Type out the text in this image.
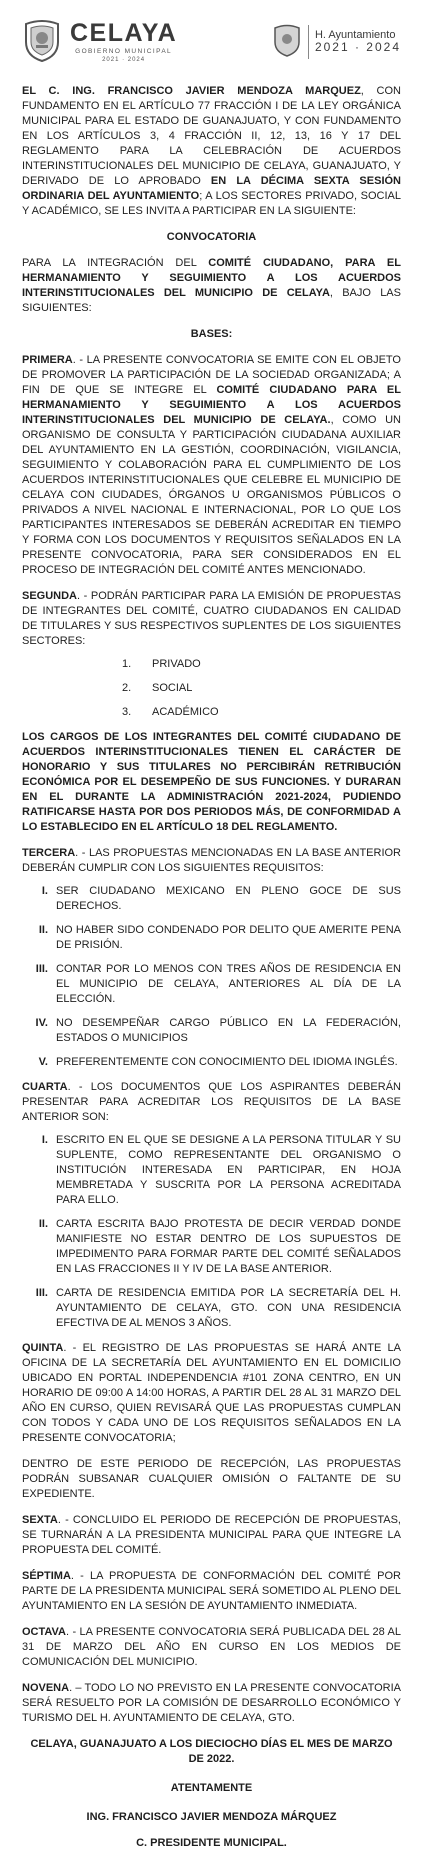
CELAYA
GOBIERNO MUNICIPAL
2021 · 2024
H. Ayuntamiento
2021 · 2024

EL C. ING. FRANCISCO JAVIER MENDOZA MARQUEZ, CON FUNDAMENTO EN EL ARTÍCULO 77 FRACCIÓN I DE LA LEY ORGÁNICA MUNICIPAL PARA EL ESTADO DE GUANAJUATO, Y CON FUNDAMENTO EN LOS ARTÍCULOS 3, 4 FRACCIÓN II, 12, 13, 16 Y 17 DEL REGLAMENTO PARA LA CELEBRACIÓN DE ACUERDOS INTERINSTITUCIONALES DEL MUNICIPIO DE CELAYA, GUANAJUATO, Y DERIVADO DE LO APROBADO EN LA DÉCIMA SEXTA SESIÓN ORDINARIA DEL AYUNTAMIENTO; A LOS SECTORES PRIVADO, SOCIAL Y ACADÉMICO, SE LES INVITA A PARTICIPAR EN LA SIGUIENTE:

CONVOCATORIA

PARA LA INTEGRACIÓN DEL COMITÉ CIUDADANO, PARA EL HERMANAMIENTO Y SEGUIMIENTO A LOS ACUERDOS INTERINSTITUCIONALES DEL MUNICIPIO DE CELAYA, BAJO LAS SIGUIENTES:

BASES:

PRIMERA. - LA PRESENTE CONVOCATORIA SE EMITE CON EL OBJETO DE PROMOVER LA PARTICIPACIÓN DE LA SOCIEDAD ORGANIZADA; A FIN DE QUE SE INTEGRE EL COMITÉ CIUDADANO PARA EL HERMANAMIENTO Y SEGUIMIENTO A LOS ACUERDOS INTERINSTITUCIONALES DEL MUNICIPIO DE CELAYA., COMO UN ORGANISMO DE CONSULTA Y PARTICIPACIÓN CIUDADANA AUXILIAR DEL AYUNTAMIENTO EN LA GESTIÓN, COORDINACIÓN, VIGILANCIA, SEGUIMIENTO Y COLABORACIÓN PARA EL CUMPLIMIENTO DE LOS ACUERDOS INTERINSTITUCIONALES QUE CELEBRE EL MUNICIPIO DE CELAYA CON CIUDADES, ÓRGANOS U ORGANISMOS PÚBLICOS O PRIVADOS A NIVEL NACIONAL E INTERNACIONAL, POR LO QUE LOS PARTICIPANTES INTERESADOS SE DEBERÁN ACREDITAR EN TIEMPO Y FORMA CON LOS DOCUMENTOS Y REQUISITOS SEÑALADOS EN LA PRESENTE CONVOCATORIA, PARA SER CONSIDERADOS EN EL PROCESO DE INTEGRACIÓN DEL COMITÉ ANTES MENCIONADO.

SEGUNDA. - PODRÁN PARTICIPAR PARA LA EMISIÓN DE PROPUESTAS DE INTEGRANTES DEL COMITÉ, CUATRO CIUDADANOS EN CALIDAD DE TITULARES Y SUS RESPECTIVOS SUPLENTES DE LOS SIGUIENTES SECTORES:

1.	PRIVADO
2.	SOCIAL
3.	ACADÉMICO

LOS CARGOS DE LOS INTEGRANTES DEL COMITÉ CIUDADANO DE ACUERDOS INTERINSTITUCIONALES TIENEN EL CARÁCTER DE HONORARIO Y SUS TITULARES NO PERCIBIRÁN RETRIBUCIÓN ECONÓMICA POR EL DESEMPEÑO DE SUS FUNCIONES. Y DURARAN EN EL DURANTE LA ADMINISTRACIÓN 2021-2024, PUDIENDO RATIFICARSE HASTA POR DOS PERIODOS MÁS, DE CONFORMIDAD A LO ESTABLECIDO EN EL ARTÍCULO 18 DEL REGLAMENTO.

TERCERA. - LAS PROPUESTAS MENCIONADAS EN LA BASE ANTERIOR DEBERÁN CUMPLIR CON LOS SIGUIENTES REQUISITOS:

I. SER CIUDADANO MEXICANO EN PLENO GOCE DE SUS DERECHOS.
II. NO HABER SIDO CONDENADO POR DELITO QUE AMERITE PENA DE PRISIÓN.
III. CONTAR POR LO MENOS CON TRES AÑOS DE RESIDENCIA EN EL MUNICIPIO DE CELAYA, ANTERIORES AL DÍA DE LA ELECCIÓN.
IV. NO DESEMPEÑAR CARGO PÚBLICO EN LA FEDERACIÓN, ESTADOS O MUNICIPIOS
V. PREFERENTEMENTE CON CONOCIMIENTO DEL IDIOMA INGLÉS.

CUARTA. - LOS DOCUMENTOS QUE LOS ASPIRANTES DEBERÁN PRESENTAR PARA ACREDITAR LOS REQUISITOS DE LA BASE ANTERIOR SON:

I. ESCRITO EN EL QUE SE DESIGNE A LA PERSONA TITULAR Y SU SUPLENTE, COMO REPRESENTANTE DEL ORGANISMO O INSTITUCIÓN INTERESADA EN PARTICIPAR, EN HOJA MEMBRETADA Y SUSCRITA POR LA PERSONA ACREDITADA PARA ELLO.
II. CARTA ESCRITA BAJO PROTESTA DE DECIR VERDAD DONDE MANIFIESTE NO ESTAR DENTRO DE LOS SUPUESTOS DE IMPEDIMENTO PARA FORMAR PARTE DEL COMITÉ SEÑALADOS EN LAS FRACCIONES II Y IV DE LA BASE ANTERIOR.
III. CARTA DE RESIDENCIA EMITIDA POR LA SECRETARÍA DEL H. AYUNTAMIENTO DE CELAYA, GTO. CON UNA RESIDENCIA EFECTIVA DE AL MENOS 3 AÑOS.

QUINTA. - EL REGISTRO DE LAS PROPUESTAS SE HARÁ ANTE LA OFICINA DE LA SECRETARÍA DEL AYUNTAMIENTO EN EL DOMICILIO UBICADO EN PORTAL INDEPENDENCIA #101 ZONA CENTRO, EN UN HORARIO DE 09:00 A 14:00 HORAS, A PARTIR DEL 28 AL 31 MARZO DEL AÑO EN CURSO, QUIEN REVISARÁ QUE LAS PROPUESTAS CUMPLAN CON TODOS Y CADA UNO DE LOS REQUISITOS SEÑALADOS EN LA PRESENTE CONVOCATORIA;

DENTRO DE ESTE PERIODO DE RECEPCIÓN, LAS PROPUESTAS PODRÁN SUBSANAR CUALQUIER OMISIÓN O FALTANTE DE SU EXPEDIENTE.

SEXTA. - CONCLUIDO EL PERIODO DE RECEPCIÓN DE PROPUESTAS, SE TURNARÁN A LA PRESIDENTA MUNICIPAL PARA QUE INTEGRE LA PROPUESTA DEL COMITÉ.

SÉPTIMA. - LA PROPUESTA DE CONFORMACIÓN DEL COMITÉ POR PARTE DE LA PRESIDENTA MUNICIPAL SERÁ SOMETIDO AL PLENO DEL AYUNTAMIENTO EN LA SESIÓN DE AYUNTAMIENTO INMEDIATA.

OCTAVA. - LA PRESENTE CONVOCATORIA SERÁ PUBLICADA DEL 28 AL 31 DE MARZO DEL AÑO EN CURSO EN LOS MEDIOS DE COMUNICACIÓN DEL MUNICIPIO.

NOVENA. – TODO LO NO PREVISTO EN LA PRESENTE CONVOCATORIA SERÁ RESUELTO POR LA COMISIÓN DE DESARROLLO ECONÓMICO Y TURISMO DEL H. AYUNTAMIENTO DE CELAYA, GTO.

CELAYA, GUANAJUATO A LOS DIECIOCHO DÍAS EL MES DE MARZO DE 2022.

ATENTAMENTE

ING. FRANCISCO JAVIER MENDOZA MÁRQUEZ

C. PRESIDENTE MUNICIPAL.
